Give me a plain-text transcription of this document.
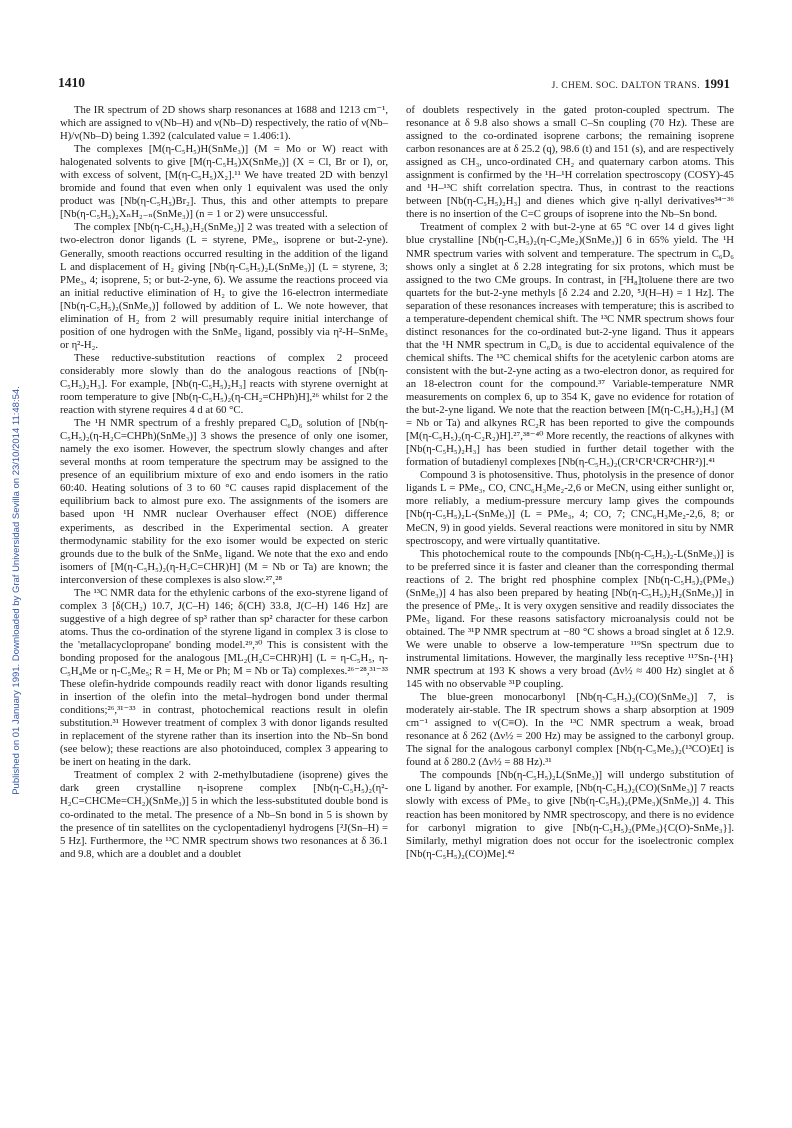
Published on 01 January 1991. Downloaded by Graf Universidad Sevilla on 23/10/2014 11:48:54.
1410	J. CHEM. SOC. DALTON TRANS. 1991

The IR spectrum of 2D shows sharp resonances at 1688 and 1213 cm⁻¹, which are assigned to ν(Nb–H) and ν(Nb–D) respectively, the ratio of ν(Nb–H)/ν(Nb–D) being 1.392 (calculated value = 1.406:1).

The complexes [M(η-C₅H₅)H(SnMe₃)] (M = Mo or W) react with halogenated solvents to give [M(η-C₅H₅)X(SnMe₃)] (X = Cl, Br or I), or, with excess of solvent, [M(η-C₅H₅)X₂].¹¹ We have treated 2D with benzyl bromide and found that even when only 1 equivalent was used the only product was [Nb(η-C₅H₅)Br₂]. Thus, this and other attempts to prepare [Nb(η-C₅H₅)₂XₙH₂₋ₙ(SnMe₃)] (n = 1 or 2) were unsuccessful.

The complex [Nb(η-C₅H₅)₂H₂(SnMe₃)] 2 was treated with a selection of two-electron donor ligands (L = styrene, PMe₃, isoprene or but-2-yne). Generally, smooth reactions occurred resulting in the addition of the ligand L and displacement of H₂ giving [Nb(η-C₅H₅)₂L(SnMe₃)] (L = styrene, 3; PMe₃, 4; isoprene, 5; or but-2-yne, 6). We assume the reactions proceed via an initial reductive elimination of H₂ to give the 16-electron intermediate [Nb(η-C₅H₅)₂(SnMe₃)] followed by addition of L. We note however, that elimination of H₂ from 2 will presumably require initial interchange of position of one hydrogen with the SnMe₃ ligand, possibly via η²-H–SnMe₃ or η²-H₂.

These reductive-substitution reactions of complex 2 proceed considerably more slowly than do the analogous reactions of [Nb(η-C₅H₅)₂H₃]. For example, [Nb(η-C₅H₅)₂H₃] reacts with styrene overnight at room temperature to give [Nb(η-C₅H₅)₂(η-CH₂=CHPh)H],²⁶ whilst for 2 the reaction with styrene requires 4 d at 60 °C.

The ¹H NMR spectrum of a freshly prepared C₆D₆ solution of [Nb(η-C₅H₅)₂(η-H₂C=CHPh)(SnMe₃)] 3 shows the presence of only one isomer, namely the exo isomer. However, the spectrum slowly changes and after several months at room temperature the spectrum may be assigned to the presence of an equilibrium mixture of exo and endo isomers in the ratio 60:40. Heating solutions of 3 to 60 °C causes rapid displacement of the equilibrium back to almost pure exo. The assignments of the isomers are based upon ¹H NMR nuclear Overhauser effect (NOE) difference experiments, as described in the Experimental section. A greater thermodynamic stability for the exo isomer would be expected on steric grounds due to the bulk of the SnMe₃ ligand. We note that the exo and endo isomers of [M(η-C₅H₅)₂(η-H₂C=CHR)H] (M = Nb or Ta) are known; the interconversion of these complexes is also slow.²⁷,²⁸

The ¹³C NMR data for the ethylenic carbons of the exo-styrene ligand of complex 3 [δ(CH₂) 10.7, J(C–H) 146; δ(CH) 33.8, J(C–H) 146 Hz] are suggestive of a high degree of sp³ rather than sp² character for these carbon atoms. Thus the co-ordination of the styrene ligand in complex 3 is close to the 'metallacyclopropane' bonding model.²⁹,³⁰ This is consistent with the bonding proposed for the analogous [ML₂(H₂C=CHR)H] (L = η-C₅H₅, η-C₅H₄Me or η-C₅Me₅; R = H, Me or Ph; M = Nb or Ta) complexes.²⁶⁻²⁸,³¹⁻³³ These olefin-hydride compounds readily react with donor ligands resulting in insertion of the olefin into the metal–hydrogen bond under thermal conditions;²⁶,³¹⁻³³ in contrast, photochemical reactions result in olefin substitution.³¹ However treatment of complex 3 with donor ligands resulted in replacement of the styrene rather than its insertion into the Nb–Sn bond (see below); these reactions are also photoinduced, complex 3 appearing to be inert on heating in the dark.

Treatment of complex 2 with 2-methylbutadiene (isoprene) gives the dark green crystalline η-isoprene complex [Nb(η-C₅H₅)₂(η²-H₂C=CHCMe=CH₂)(SnMe₃)] 5 in which the less-substituted double bond is co-ordinated to the metal. The presence of a Nb–Sn bond in 5 is shown by the presence of tin satellites on the cyclopentadienyl hydrogens [²J(Sn–H) = 5 Hz]. Furthermore, the ¹³C NMR spectrum shows two resonances at δ 36.1 and 9.8, which are a doublet and a doublet

of doublets respectively in the gated proton-coupled spectrum. The resonance at δ 9.8 also shows a small C–Sn coupling (70 Hz). These are assigned to the co-ordinated isoprene carbons; the remaining isoprene carbon resonances are at δ 25.2 (q), 98.6 (t) and 151 (s), and are respectively assigned as CH₃, unco-ordinated CH₂ and quaternary carbon atoms. This assignment is confirmed by the ¹H–¹H correlation spectroscopy (COSY)-45 and ¹H–¹³C shift correlation spectra. Thus, in contrast to the reactions between [Nb(η-C₅H₅)₂H₃] and dienes which give η-allyl derivatives³⁴⁻³⁶ there is no insertion of the C=C groups of isoprene into the Nb–Sn bond.

Treatment of complex 2 with but-2-yne at 65 °C over 14 d gives light blue crystalline [Nb(η-C₅H₅)₂(η-C₂Me₂)(SnMe₃)] 6 in 65% yield. The ¹H NMR spectrum varies with solvent and temperature. The spectrum in C₆D₆ shows only a singlet at δ 2.28 integrating for six protons, which must be assigned to the two CMe groups. In contrast, in [²H₈]toluene there are two quartets for the but-2-yne methyls [δ 2.24 and 2.20, ⁵J(H–H) = 1 Hz]. The separation of these resonances increases with temperature; this is ascribed to a temperature-dependent chemical shift. The ¹³C NMR spectrum shows four distinct resonances for the co-ordinated but-2-yne ligand. Thus it appears that the ¹H NMR spectrum in C₆D₆ is due to accidental equivalence of the chemical shifts. The ¹³C chemical shifts for the acetylenic carbon atoms are consistent with the but-2-yne acting as a two-electron donor, as required for an 18-electron count for the compound.³⁷ Variable-temperature NMR measurements on complex 6, up to 354 K, gave no evidence for rotation of the but-2-yne ligand. We note that the reaction between [M(η-C₅H₅)₂H₃] (M = Nb or Ta) and alkynes RC₂R has been reported to give the compounds [M(η-C₅H₅)₂(η-C₂R₂)H].²⁷,³⁸⁻⁴⁰ More recently, the reactions of alkynes with [Nb(η-C₅H₅)₂H₃] has been studied in further detail together with the formation of butadienyl complexes [Nb(η-C₅H₅)₂(CR¹CR¹CR²CHR²)].⁴¹

Compound 3 is photosensitive. Thus, photolysis in the presence of donor ligands L = PMe₃, CO, CNC₆H₃Me₂-2,6 or MeCN, using either sunlight or, more reliably, a medium-pressure mercury lamp gives the compounds [Nb(η-C₅H₅)₂L-(SnMe₃)] (L = PMe₃, 4; CO, 7; CNC₆H₃Me₂-2,6, 8; or MeCN, 9) in good yields. Several reactions were monitored in situ by NMR spectroscopy, and were virtually quantitative.

This photochemical route to the compounds [Nb(η-C₅H₅)₂-L(SnMe₃)] is to be preferred since it is faster and cleaner than the corresponding thermal reactions of 2. The bright red phosphine complex [Nb(η-C₅H₅)₂(PMe₃)(SnMe₃)] 4 has also been prepared by heating [Nb(η-C₅H₅)₂H₂(SnMe₃)] in the presence of PMe₃. It is very oxygen sensitive and readily dissociates the PMe₃ ligand. For these reasons satisfactory microanalysis could not be obtained. The ³¹P NMR spectrum at −80 °C shows a broad singlet at δ 12.9. We were unable to observe a low-temperature ¹¹⁹Sn spectrum due to instrumental limitations. However, the marginally less receptive ¹¹⁷Sn-{¹H} NMR spectrum at 193 K shows a very broad (Δν½ ≈ 400 Hz) singlet at δ 145 with no observable ³¹P coupling.

The blue-green monocarbonyl [Nb(η-C₅H₅)₂(CO)(SnMe₃)] 7, is moderately air-stable. The IR spectrum shows a sharp absorption at 1909 cm⁻¹ assigned to ν(C≡O). In the ¹³C NMR spectrum a weak, broad resonance at δ 262 (Δν½ = 200 Hz) may be assigned to the carbonyl group. The signal for the analogous carbonyl complex [Nb(η-C₅Me₅)₂(¹³CO)Et] is found at δ 280.2 (Δν½ = 88 Hz).³¹

The compounds [Nb(η-C₅H₅)₂L(SnMe₃)] will undergo substitution of one L ligand by another. For example, [Nb(η-C₅H₅)₂(CO)(SnMe₃)] 7 reacts slowly with excess of PMe₃ to give [Nb(η-C₅H₅)₂(PMe₃)(SnMe₃)] 4. This reaction has been monitored by NMR spectroscopy, and there is no evidence for carbonyl migration to give [Nb(η-C₅H₅)₂(PMe₃){C(O)-SnMe₃}]. Similarly, methyl migration does not occur for the isoelectronic complex [Nb(η-C₅H₅)₂(CO)Me].⁴²
